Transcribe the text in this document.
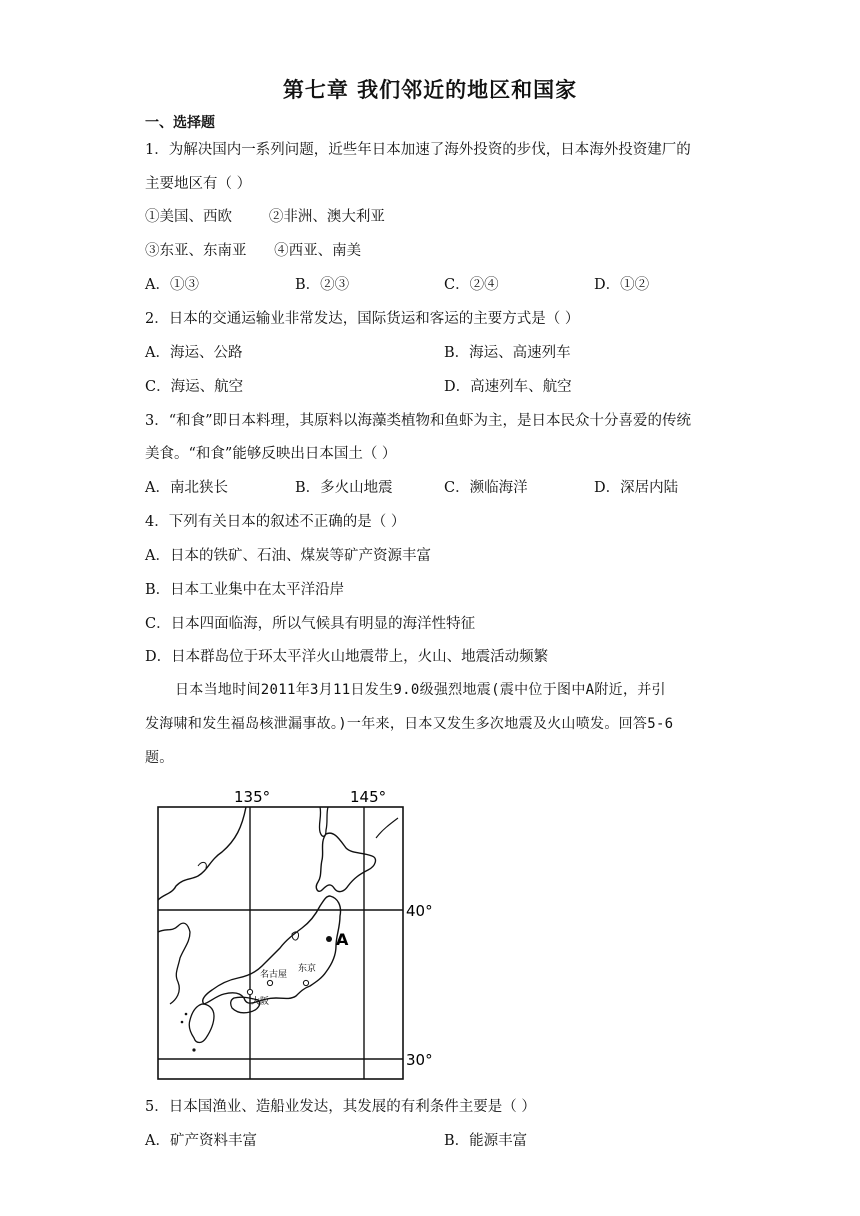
第七章 我们邻近的地区和国家
一、选择题
1．为解决国内一系列问题，近些年日本加速了海外投资的步伐，日本海外投资建厂的
主要地区有（ ）
①美国、西欧        ②非洲、澳大利亚
③东亚、东南亚      ④西亚、南美
A．①③	B．②③	C．②④	D．①②
2．日本的交通运输业非常发达，国际货运和客运的主要方式是（ ）
A．海运、公路	B．海运、高速列车
C．海运、航空	D．高速列车、航空
3．“和食”即日本料理，其原料以海藻类植物和鱼虾为主，是日本民众十分喜爱的传统
美食。“和食”能够反映出日本国土（ ）
A．南北狭长	B．多火山地震	C．濒临海洋	D．深居内陆
4．下列有关日本的叙述不正确的是（ ）
A．日本的铁矿、石油、煤炭等矿产资源丰富
B．日本工业集中在太平洋沿岸
C．日本四面临海，所以气候具有明显的海洋性特征
D．日本群岛位于环太平洋火山地震带上，火山、地震活动频繁
日本当地时间2011年3月11日发生9.0级强烈地震(震中位于图中A附近，并引
发海啸和发生福岛核泄漏事故。)一年来，日本又发生多次地震及火山喷发。回答5-6
题。
135°	145°
40°
30°
东京
名古屋
大阪
A
5．日本国渔业、造船业发达，其发展的有利条件主要是（ ）
A．矿产资料丰富	B．能源丰富
